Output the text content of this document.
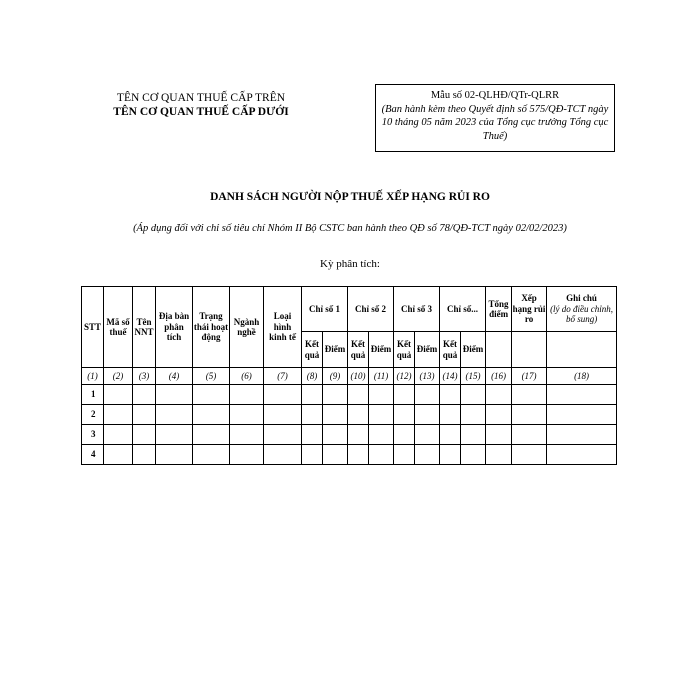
TÊN CƠ QUAN THUẾ CẤP TRÊN
TÊN CƠ QUAN THUẾ CẤP DƯỚI
Mẫu số 02-QLHĐ/QTr-QLRR
(Ban hành kèm theo Quyết định số 575/QĐ-TCT ngày 10 tháng 05 năm 2023 của Tổng cục trưởng Tổng cục Thuế)
DANH SÁCH NGƯỜI NỘP THUẾ XẾP HẠNG RỦI RO
(Áp dụng đối với chỉ số tiêu chí Nhóm II Bộ CSTC ban hành theo QĐ số 78/QĐ-TCT ngày 02/02/2023)
Kỳ phân tích:
STT	Mã số thuế	Tên NNT	Địa bàn phân tích	Trạng thái hoạt động	Ngành nghề	Loại hình kinh tế	Chỉ số 1		Chỉ số 2		Chỉ số 3		Chỉ số...		Tổng điểm	Xếp hạng rủi ro	Ghi chú
(lý do điều chỉnh, bổ sung)

							Kết quả	Điểm	Kết quả	Điểm	Kết quả	Điểm	Kết quả	Điểm			
(1)	(2)	(3)	(4)	(5)	(6)	(7)	(8)	(9)	(10)	(11)	(12)	(13)	(14)	(15)	(16)	(17)	(18)
1																	
2																	
3																	
4																	
